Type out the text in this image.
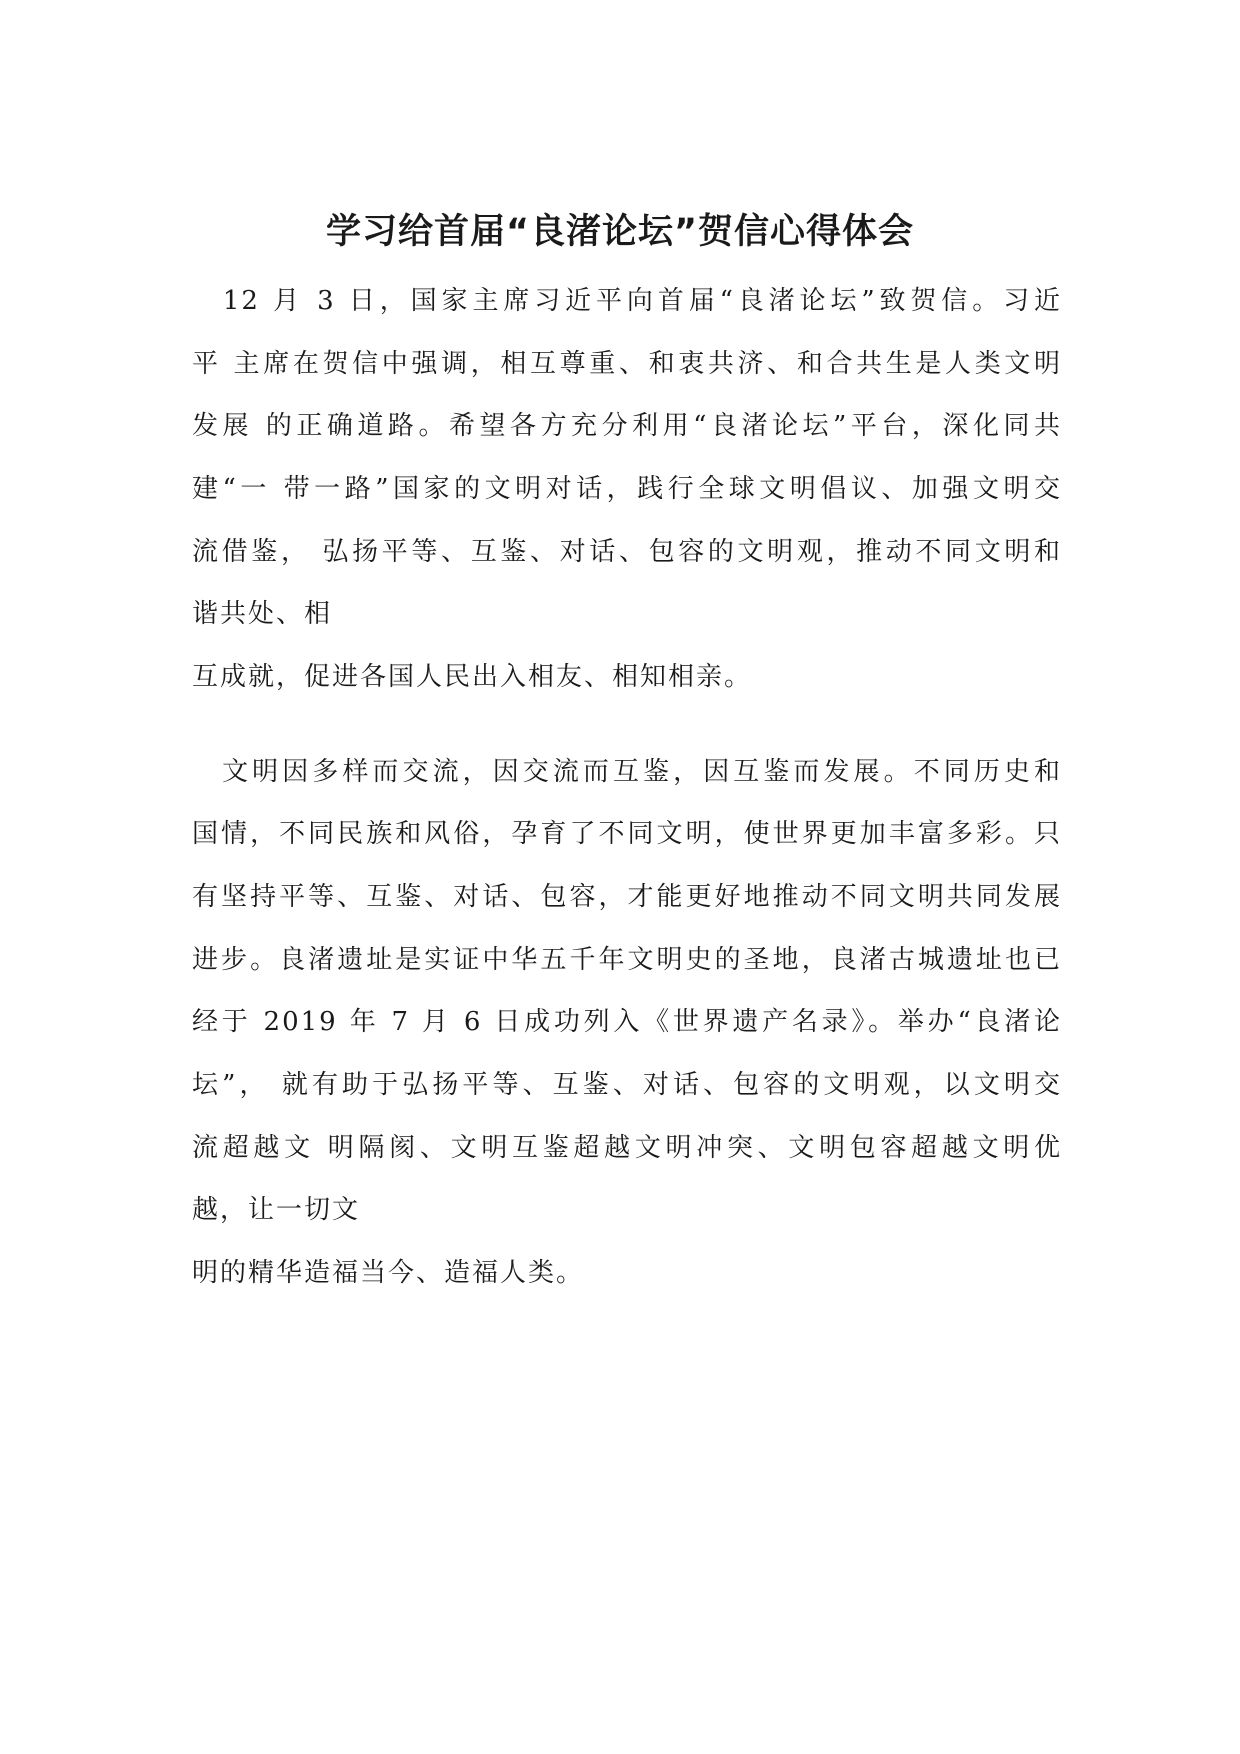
学习给首届“良渚论坛”贺信心得体会
　12 月 3 日，国家主席习近平向首届“良渚论坛”致贺信。习近
平 主席在贺信中强调，相互尊重、和衷共济、和合共生是人类文明
发展 的正确道路。希望各方充分利用“良渚论坛”平台，深化同共
建“一 带一路”国家的文明对话，践行全球文明倡议、加强文明交
流借鉴， 弘扬平等、互鉴、对话、包容的文明观，推动不同文明和
谐共处、相
互成就，促进各国人民出入相友、相知相亲。
　文明因多样而交流，因交流而互鉴，因互鉴而发展。不同历史和
国情，不同民族和风俗，孕育了不同文明，使世界更加丰富多彩。只
有坚持平等、互鉴、对话、包容，才能更好地推动不同文明共同发展
进步。良渚遗址是实证中华五千年文明史的圣地，良渚古城遗址也已
经于 2019 年 7 月 6 日成功列入《世界遗产名录》。举办“良渚论
坛”， 就有助于弘扬平等、互鉴、对话、包容的文明观，以文明交
流超越文 明隔阂、文明互鉴超越文明冲突、文明包容超越文明优
越，让一切文
明的精华造福当今、造福人类。
